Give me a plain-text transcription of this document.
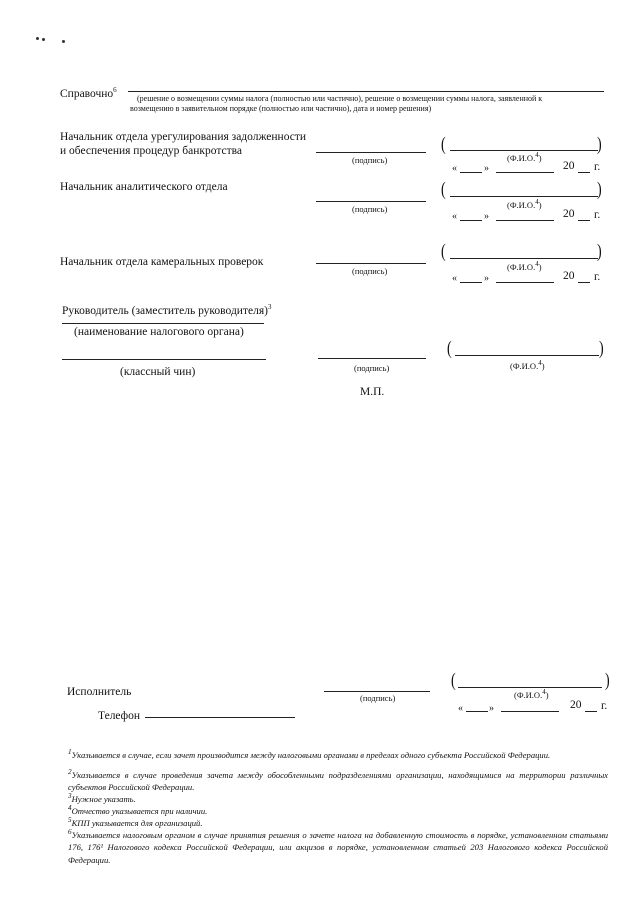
Справочно$^6$
(решение о возмещении суммы налога (полностью или частично), решение о возмещении суммы налога, заявленной к
возмещению в заявительном порядке (полностью или частично), дата и номер решения)
Начальник отдела урегулирования задолженности
и обеспечения процедур банкротства
(подпись)
(	)
(Ф.И.О.$^4$)
«	»	20 г.
Начальник аналитического отдела
(подпись)
(	)
(Ф.И.О.$^4$)
«	»	20 г.
Начальник отдела камеральных проверок
(подпись)
(	)
(Ф.И.О.$^4$)
«	»	20 г.
Руководитель (заместитель руководителя)$^3$
(наименование налогового органа)
(классный чин)	(подпись)
(	)
(Ф.И.О.$^4$)
М.П.
Исполнитель	(подпись)
(	)
(Ф.И.О.$^4$)
Телефон
«	»	20 г.
$^1$Указывается в случае, если зачет производится между налоговыми органами в пределах одного субъекта Российской Федерации.
$^2$Указывается в случае проведения зачета между обособленными подразделениями организации, находящимися на территории различных субъектов Российской Федерации.
$^3$Нужное указать.
$^4$Отчество указывается при наличии.
$^5$КПП указывается для организаций.
$^6$Указывается налоговым органом в случае принятия решения о зачете налога на добавленную стоимость в порядке, установленном статьями 176, 176¹ Налогового кодекса Российской Федерации, или акцизов в порядке, установленном статьей 203 Налогового кодекса Российской Федерации.
